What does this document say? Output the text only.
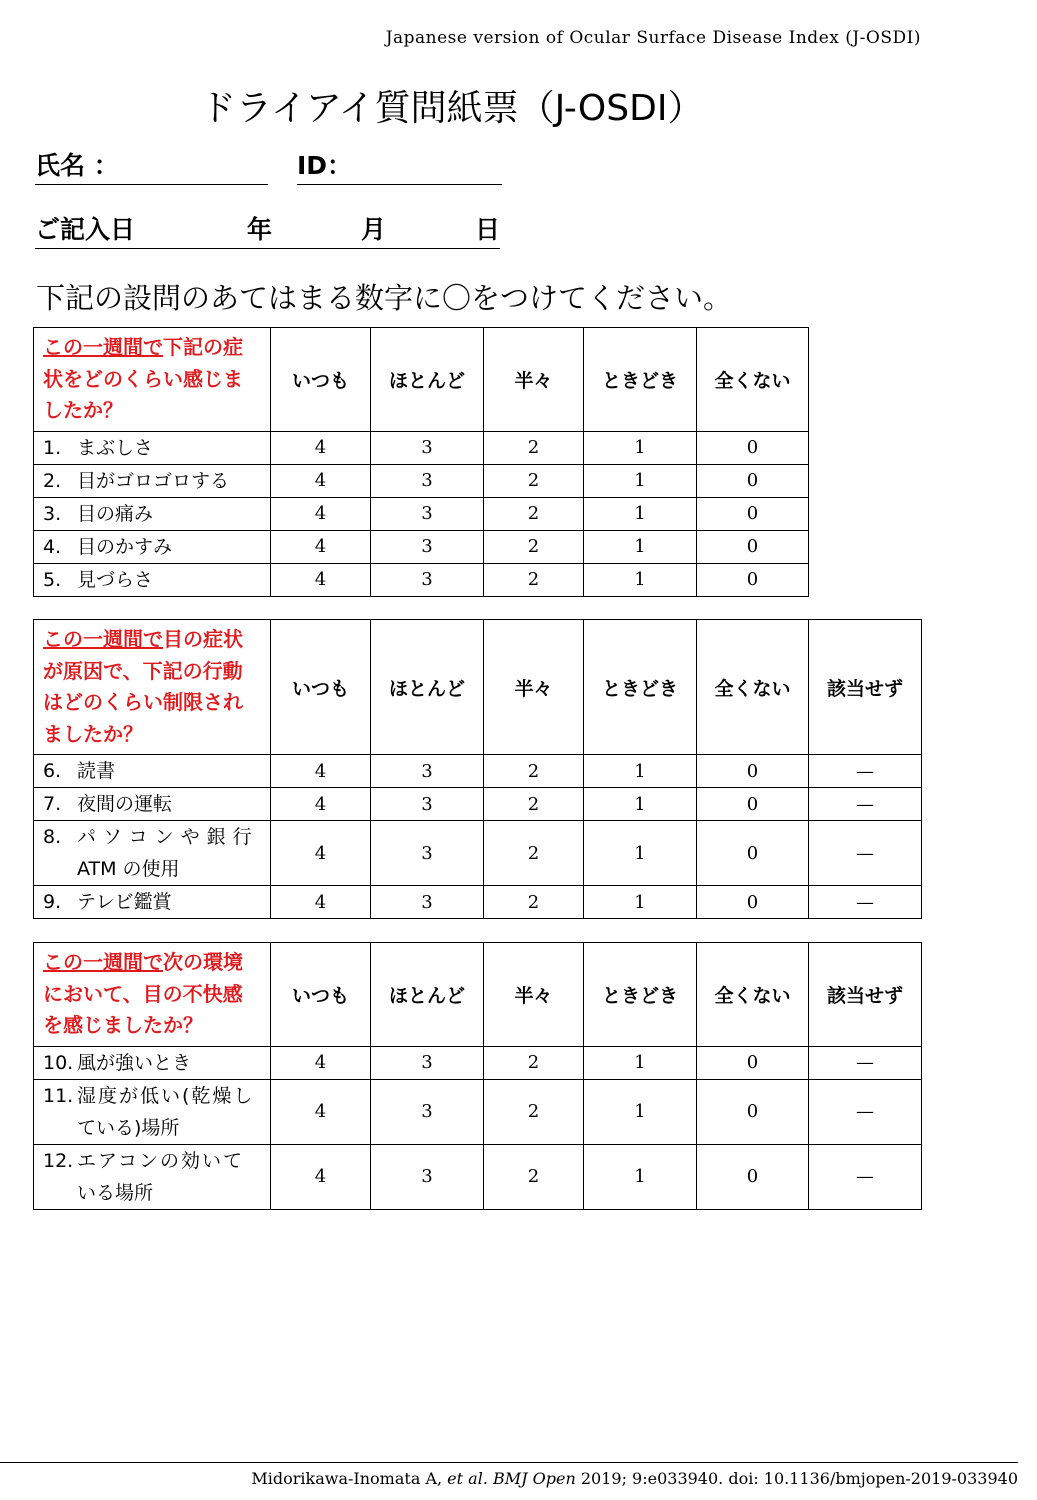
Japanese version of Ocular Surface Disease Index (J-OSDI)
ドライアイ質問紙票（J-OSDI）
氏名 ：	ID：
ご記入日	年	月	日
下記の設問のあてはまる数字に〇をつけてください。
この一週間で下記の症状をどのくらい感じましたか？	いつも	ほとんど	半々	ときどき	全くない
1. まぶしさ	4	3	2	1	0
2. 目がゴロゴロする	4	3	2	1	0
3. 目の痛み	4	3	2	1	0
4. 目のかすみ	4	3	2	1	0
5. 見づらさ	4	3	2	1	0
この一週間で目の症状が原因で、下記の行動はどのくらい制限されましたか？	いつも	ほとんど	半々	ときどき	全くない	該当せず
6. 読書	4	3	2	1	0	—
7. 夜間の運転	4	3	2	1	0	—
8. パソコンや銀行
ATM の使用	4	3	2	1	0	—
9. テレビ鑑賞	4	3	2	1	0	—
この一週間で次の環境において、目の不快感を感じましたか？	いつも	ほとんど	半々	ときどき	全くない	該当せず
10. 風が強いとき	4	3	2	1	0	—
11. 湿度が低い(乾燥し
ている)場所	4	3	2	1	0	—
12. エアコンの効いて
いる場所	4	3	2	1	0	—
Midorikawa-Inomata A, et al. BMJ Open 2019; 9:e033940. doi: 10.1136/bmjopen-2019-033940
